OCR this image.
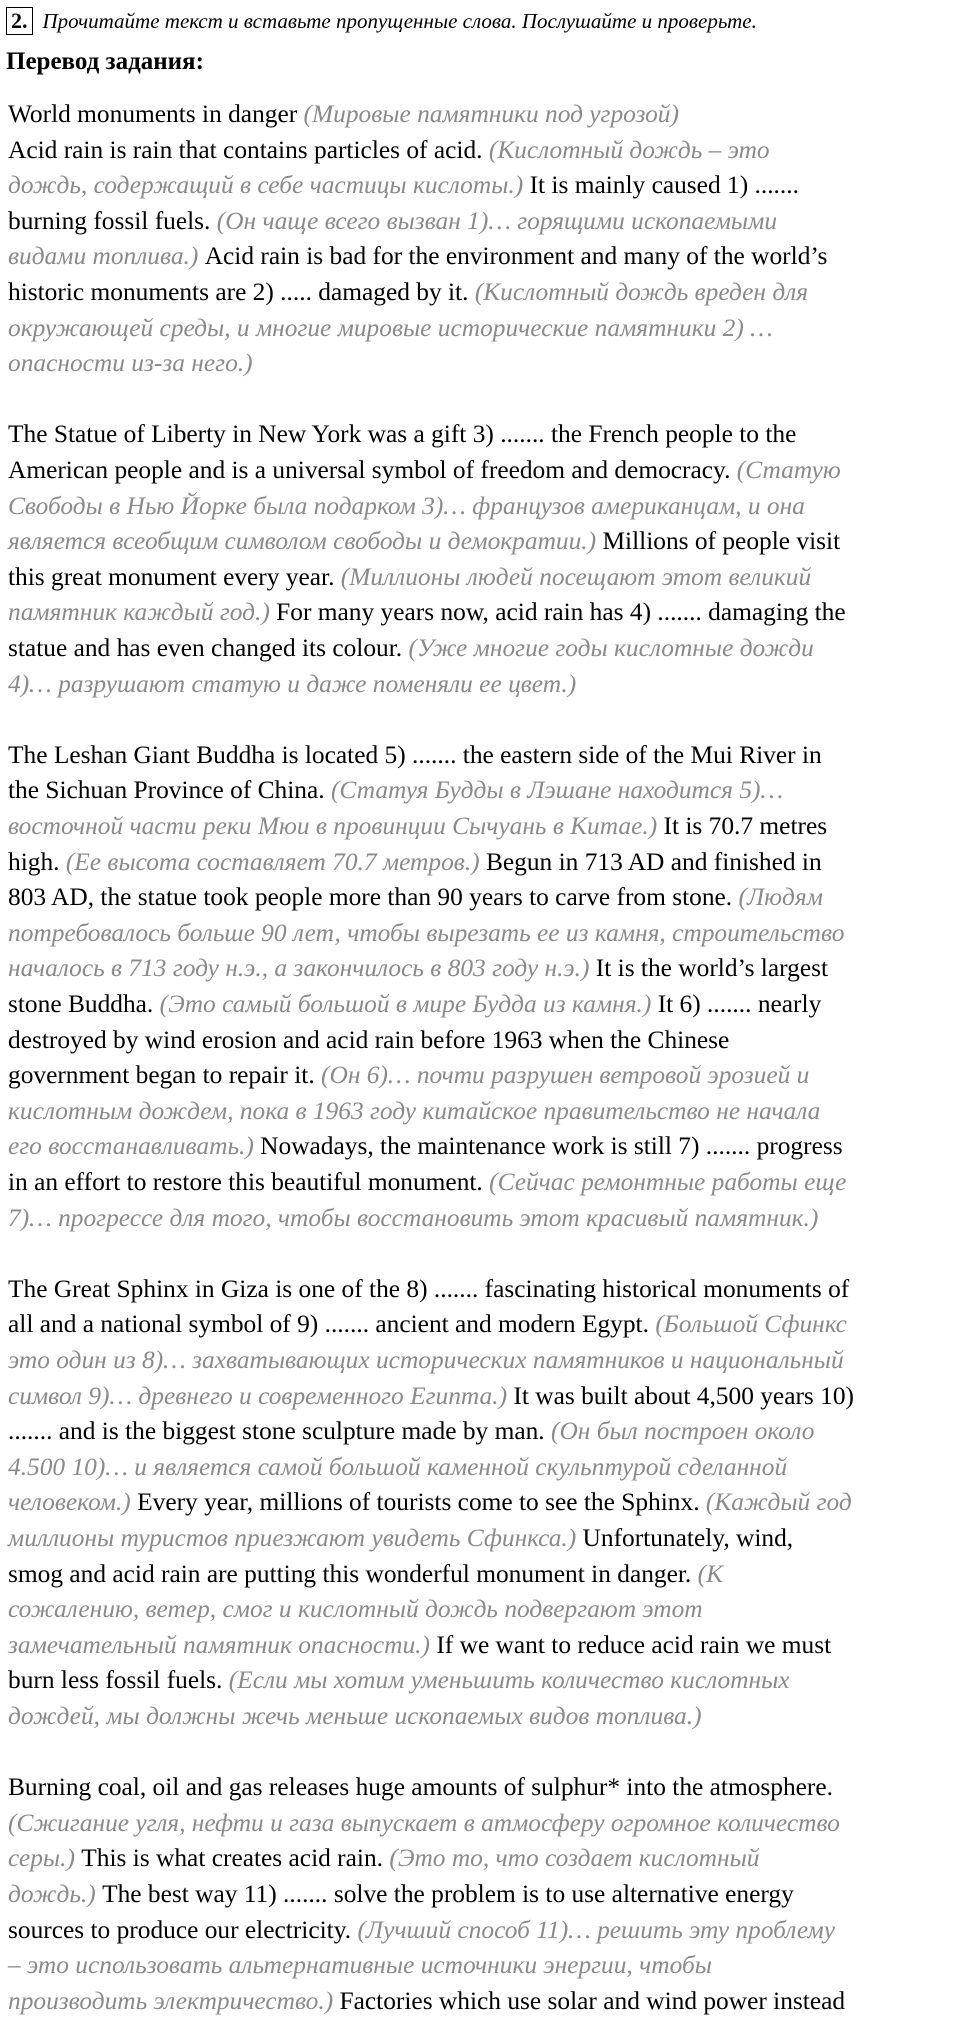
2. Прочитайте текст и вставьте пропущенные слова. Послушайте и проверьте.
Перевод задания:
World monuments in danger (Мировые памятники под угрозой)
Acid rain is rain that contains particles of acid. (Кислотный дождь – это
дождь, содержащий в себе частицы кислоты.) It is mainly caused 1) .......
burning fossil fuels. (Он чаще всего вызван 1)… горящими ископаемыми
видами топлива.) Acid rain is bad for the environment and many of the world’s
historic monuments are 2) ..... damaged by it. (Кислотный дождь вреден для
окружающей среды, и многие мировые исторические памятники 2) …
опасности из-за него.)
The Statue of Liberty in New York was a gift 3) ....... the French people to the
American people and is a universal symbol of freedom and democracy. (Статую
Свободы в Нью Йорке была подарком 3)… французов американцам, и она
является всеобщим символом свободы и демократии.) Millions of people visit
this great monument every year. (Миллионы людей посещают этот великий
памятник каждый год.) For many years now, acid rain has 4) ....... damaging the
statue and has even changed its colour. (Уже многие годы кислотные дожди
4)… разрушают статую и даже поменяли ее цвет.)
The Leshan Giant Buddha is located 5) ....... the eastern side of the Mui River in
the Sichuan Province of China. (Статуя Будды в Лэшане находится 5)…
восточной части реки Мюи в провинции Сычуань в Китае.) It is 70.7 metres
high. (Ее высота составляет 70.7 метров.) Begun in 713 AD and finished in
803 AD, the statue took people more than 90 years to carve from stone. (Людям
потребовалось больше 90 лет, чтобы вырезать ее из камня, строительство
началось в 713 году н.э., а закончилось в 803 году н.э.) It is the world’s largest
stone Buddha. (Это самый большой в мире Будда из камня.) It 6) ....... nearly
destroyed by wind erosion and acid rain before 1963 when the Chinese
government began to repair it. (Он 6)… почти разрушен ветровой эрозией и
кислотным дождем, пока в 1963 году китайское правительство не начала
его восстанавливать.) Nowadays, the maintenance work is still 7) ....... progress
in an effort to restore this beautiful monument. (Сейчас ремонтные работы еще
7)… прогрессе для того, чтобы восстановить этот красивый памятник.)
The Great Sphinx in Giza is one of the 8) ....... fascinating historical monuments of
all and a national symbol of 9) ....... ancient and modern Egypt. (Большой Сфинкс
это один из 8)… захватывающих исторических памятников и национальный
символ 9)… древнего и современного Египта.) It was built about 4,500 years 10)
....... and is the biggest stone sculpture made by man. (Он был построен около
4.500 10)… и является самой большой каменной скульптурой сделанной
человеком.) Every year, millions of tourists come to see the Sphinx. (Каждый год
миллионы туристов приезжают увидеть Сфинкса.) Unfortunately, wind,
smog and acid rain are putting this wonderful monument in danger. (К
сожалению, ветер, смог и кислотный дождь подвергают этот
замечательный памятник опасности.) If we want to reduce acid rain we must
burn less fossil fuels. (Если мы хотим уменьшить количество кислотных
дождей, мы должны жечь меньше ископаемых видов топлива.)
Burning coal, oil and gas releases huge amounts of sulphur* into the atmosphere.
(Сжигание угля, нефти и газа выпускает в атмосферу огромное количество
серы.) This is what creates acid rain. (Это то, что создает кислотный
дождь.) The best way 11) ....... solve the problem is to use alternative energy
sources to produce our electricity. (Лучший способ 11)… решить эту проблему
– это использовать альтернативные источники энергии, чтобы
производить электричество.) Factories which use solar and wind power instead
